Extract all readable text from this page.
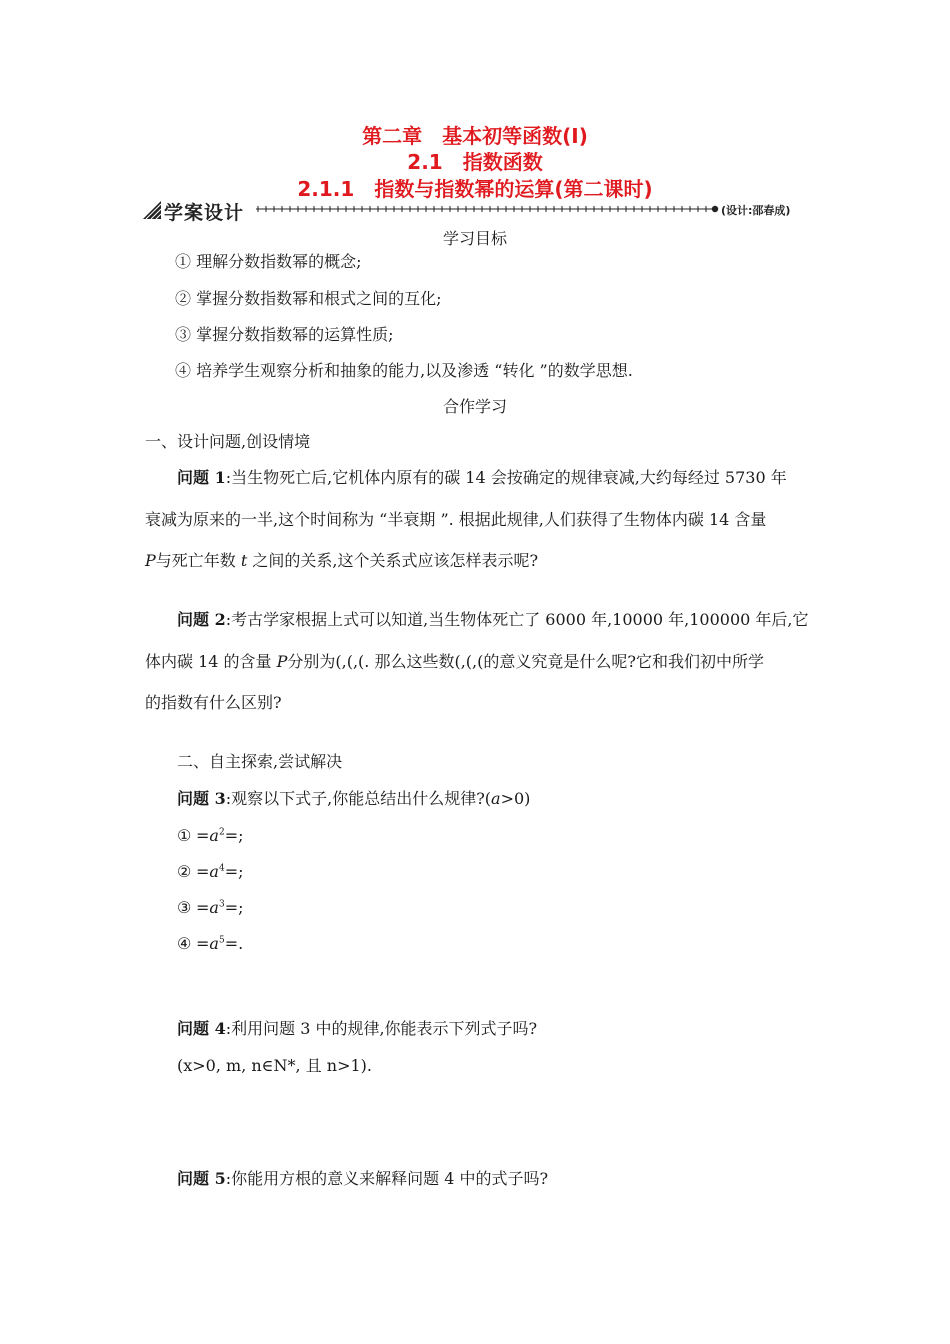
第二章　基本初等函数(Ⅰ)
2.1　指数函数
2.1.1　指数与指数幂的运算(第二课时)
学案设计	(设计:邵春成)
学习目标
① 理解分数指数幂的概念;
② 掌握分数指数幂和根式之间的互化;
③ 掌握分数指数幂的运算性质;
④ 培养学生观察分析和抽象的能力,以及渗透 “转化 ”的数学思想.
合作学习
一、设计问题,创设情境
问题 1:当生物死亡后,它机体内原有的碳 14 会按确定的规律衰减,大约每经过 5730 年
衰减为原来的一半,这个时间称为 “半衰期 ”. 根据此规律,人们获得了生物体内碳 14 含量
P与死亡年数 t 之间的关系,这个关系式应该怎样表示呢?
问题 2:考古学家根据上式可以知道,当生物体死亡了 6000 年,10000 年,100000 年后,它
体内碳 14 的含量 P分别为(,(,(. 那么这些数(,(,(的意义究竟是什么呢?它和我们初中所学
的指数有什么区别?
二、自主探索,尝试解决
问题 3:观察以下式子,你能总结出什么规律?(a>0)
① $=a^2=$;
② $=a^4=$;
③ $=a^3=$;
④ $=a^5=$.
问题 4:利用问题 3 中的规律,你能表示下列式子吗?
(x>0, m, n∈N*, 且 n>1).
问题 5:你能用方根的意义来解释问题 4 中的式子吗?
